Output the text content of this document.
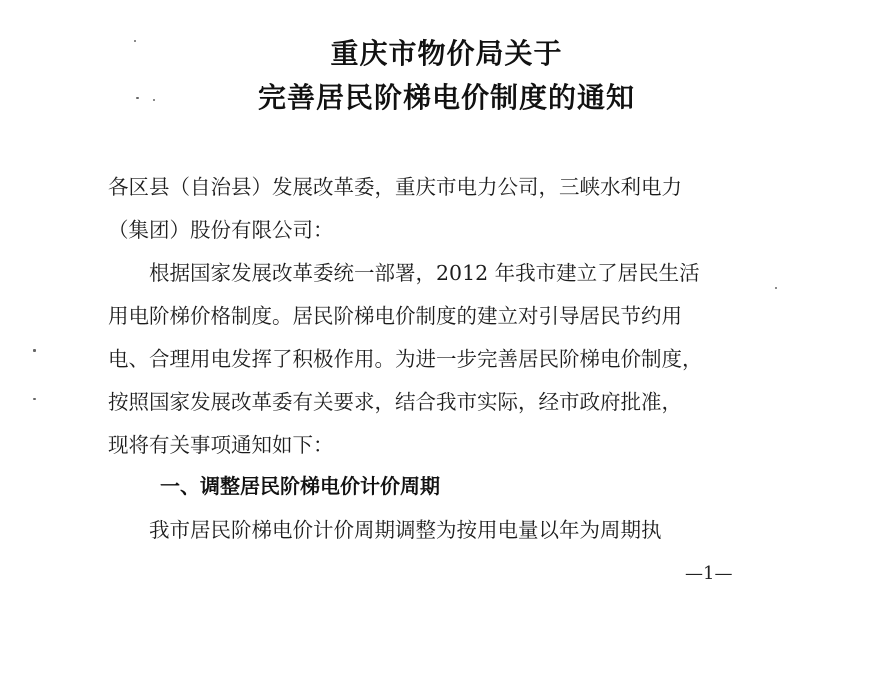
重庆市物价局关于
完善居民阶梯电价制度的通知
各区县（自治县）发展改革委，重庆市电力公司，三峡水利电力
（集团）股份有限公司：
　　根据国家发展改革委统一部署，2012 年我市建立了居民生活
用电阶梯价格制度。居民阶梯电价制度的建立对引导居民节约用
电、合理用电发挥了积极作用。为进一步完善居民阶梯电价制度，
按照国家发展改革委有关要求，结合我市实际，经市政府批准，
现将有关事项通知如下：
一、调整居民阶梯电价计价周期
　　我市居民阶梯电价计价周期调整为按用电量以年为周期执
—1—
